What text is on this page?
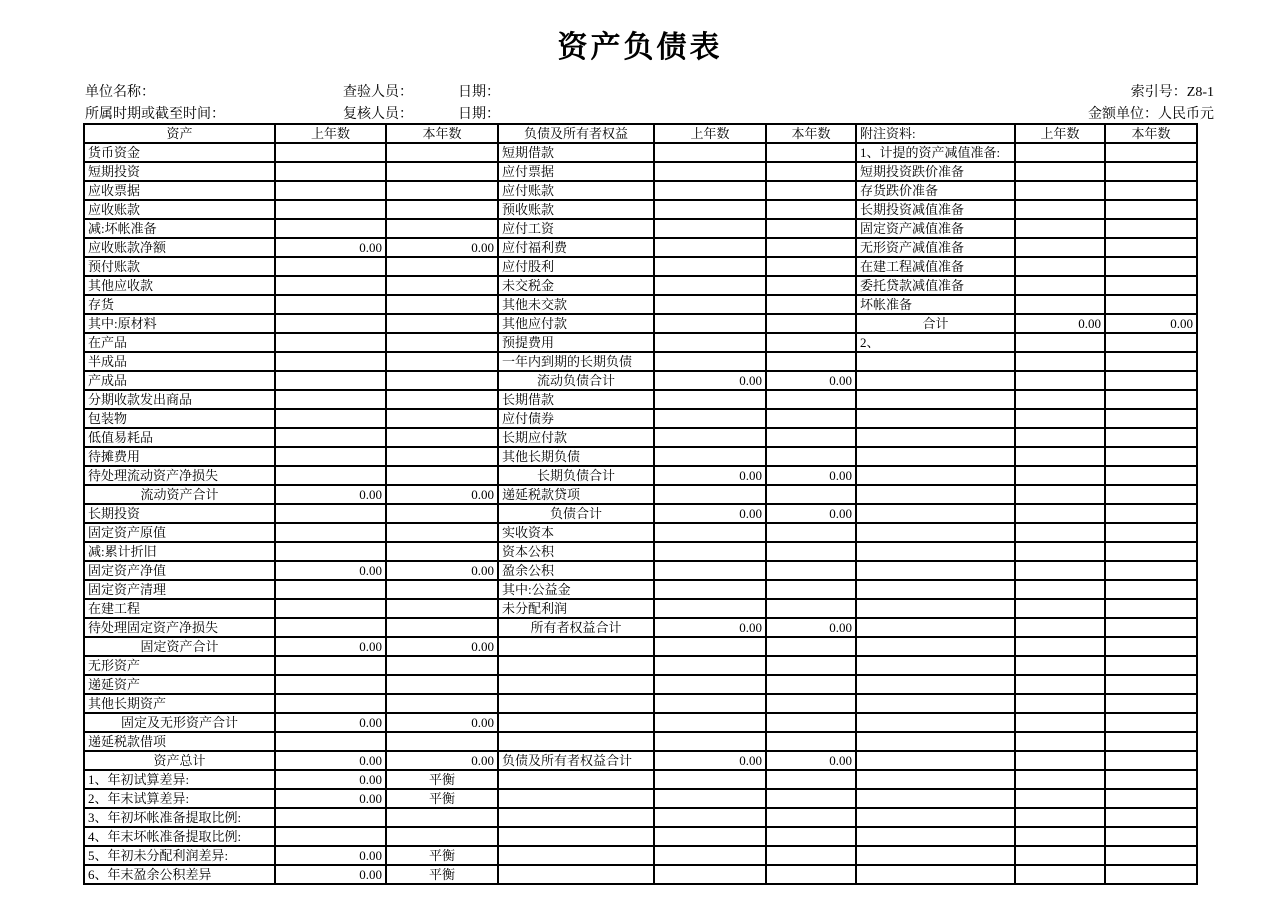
资产负债表
单位名称：	查验人员：	日期：	索引号：Z8-1
所属时期或截至时间：	复核人员：	日期：	金额单位：人民币元
资产	上年数	本年数	负债及所有者权益	上年数	本年数	附注资料:	上年数	本年数
货币资金			短期借款			1、计提的资产减值准备:		
短期投资			应付票据			短期投资跌价准备		
应收票据			应付账款			存货跌价准备		
应收账款			预收账款			长期投资减值准备		
减:坏帐准备			应付工资			固定资产减值准备		
应收账款净额	0.00	0.00	应付福利费			无形资产减值准备		
预付账款			应付股利			在建工程减值准备		
其他应收款			未交税金			委托贷款减值准备		
存货			其他未交款			坏帐准备		
其中:原材料			其他应付款			合计	0.00	0.00
在产品			预提费用			2、		
半成品			一年内到期的长期负债					
产成品			流动负债合计	0.00	0.00			
分期收款发出商品			长期借款					
包装物			应付债券					
低值易耗品			长期应付款					
待摊费用			其他长期负债					
待处理流动资产净损失			长期负债合计	0.00	0.00			
流动资产合计	0.00	0.00	递延税款贷项					
长期投资			负债合计	0.00	0.00			
固定资产原值			实收资本					
减:累计折旧			资本公积					
固定资产净值	0.00	0.00	盈余公积					
固定资产清理			其中:公益金					
在建工程			未分配利润					
待处理固定资产净损失			所有者权益合计	0.00	0.00			
固定资产合计	0.00	0.00						
无形资产								
递延资产								
其他长期资产								
固定及无形资产合计	0.00	0.00						
递延税款借项								
资产总计	0.00	0.00	负债及所有者权益合计	0.00	0.00			
1、年初试算差异:	0.00	平衡						
2、年末试算差异:	0.00	平衡						
3、年初坏帐准备提取比例:								
4、年末坏帐准备提取比例:								
5、年初未分配利润差异:	0.00	平衡						
6、年末盈余公积差异	0.00	平衡						
